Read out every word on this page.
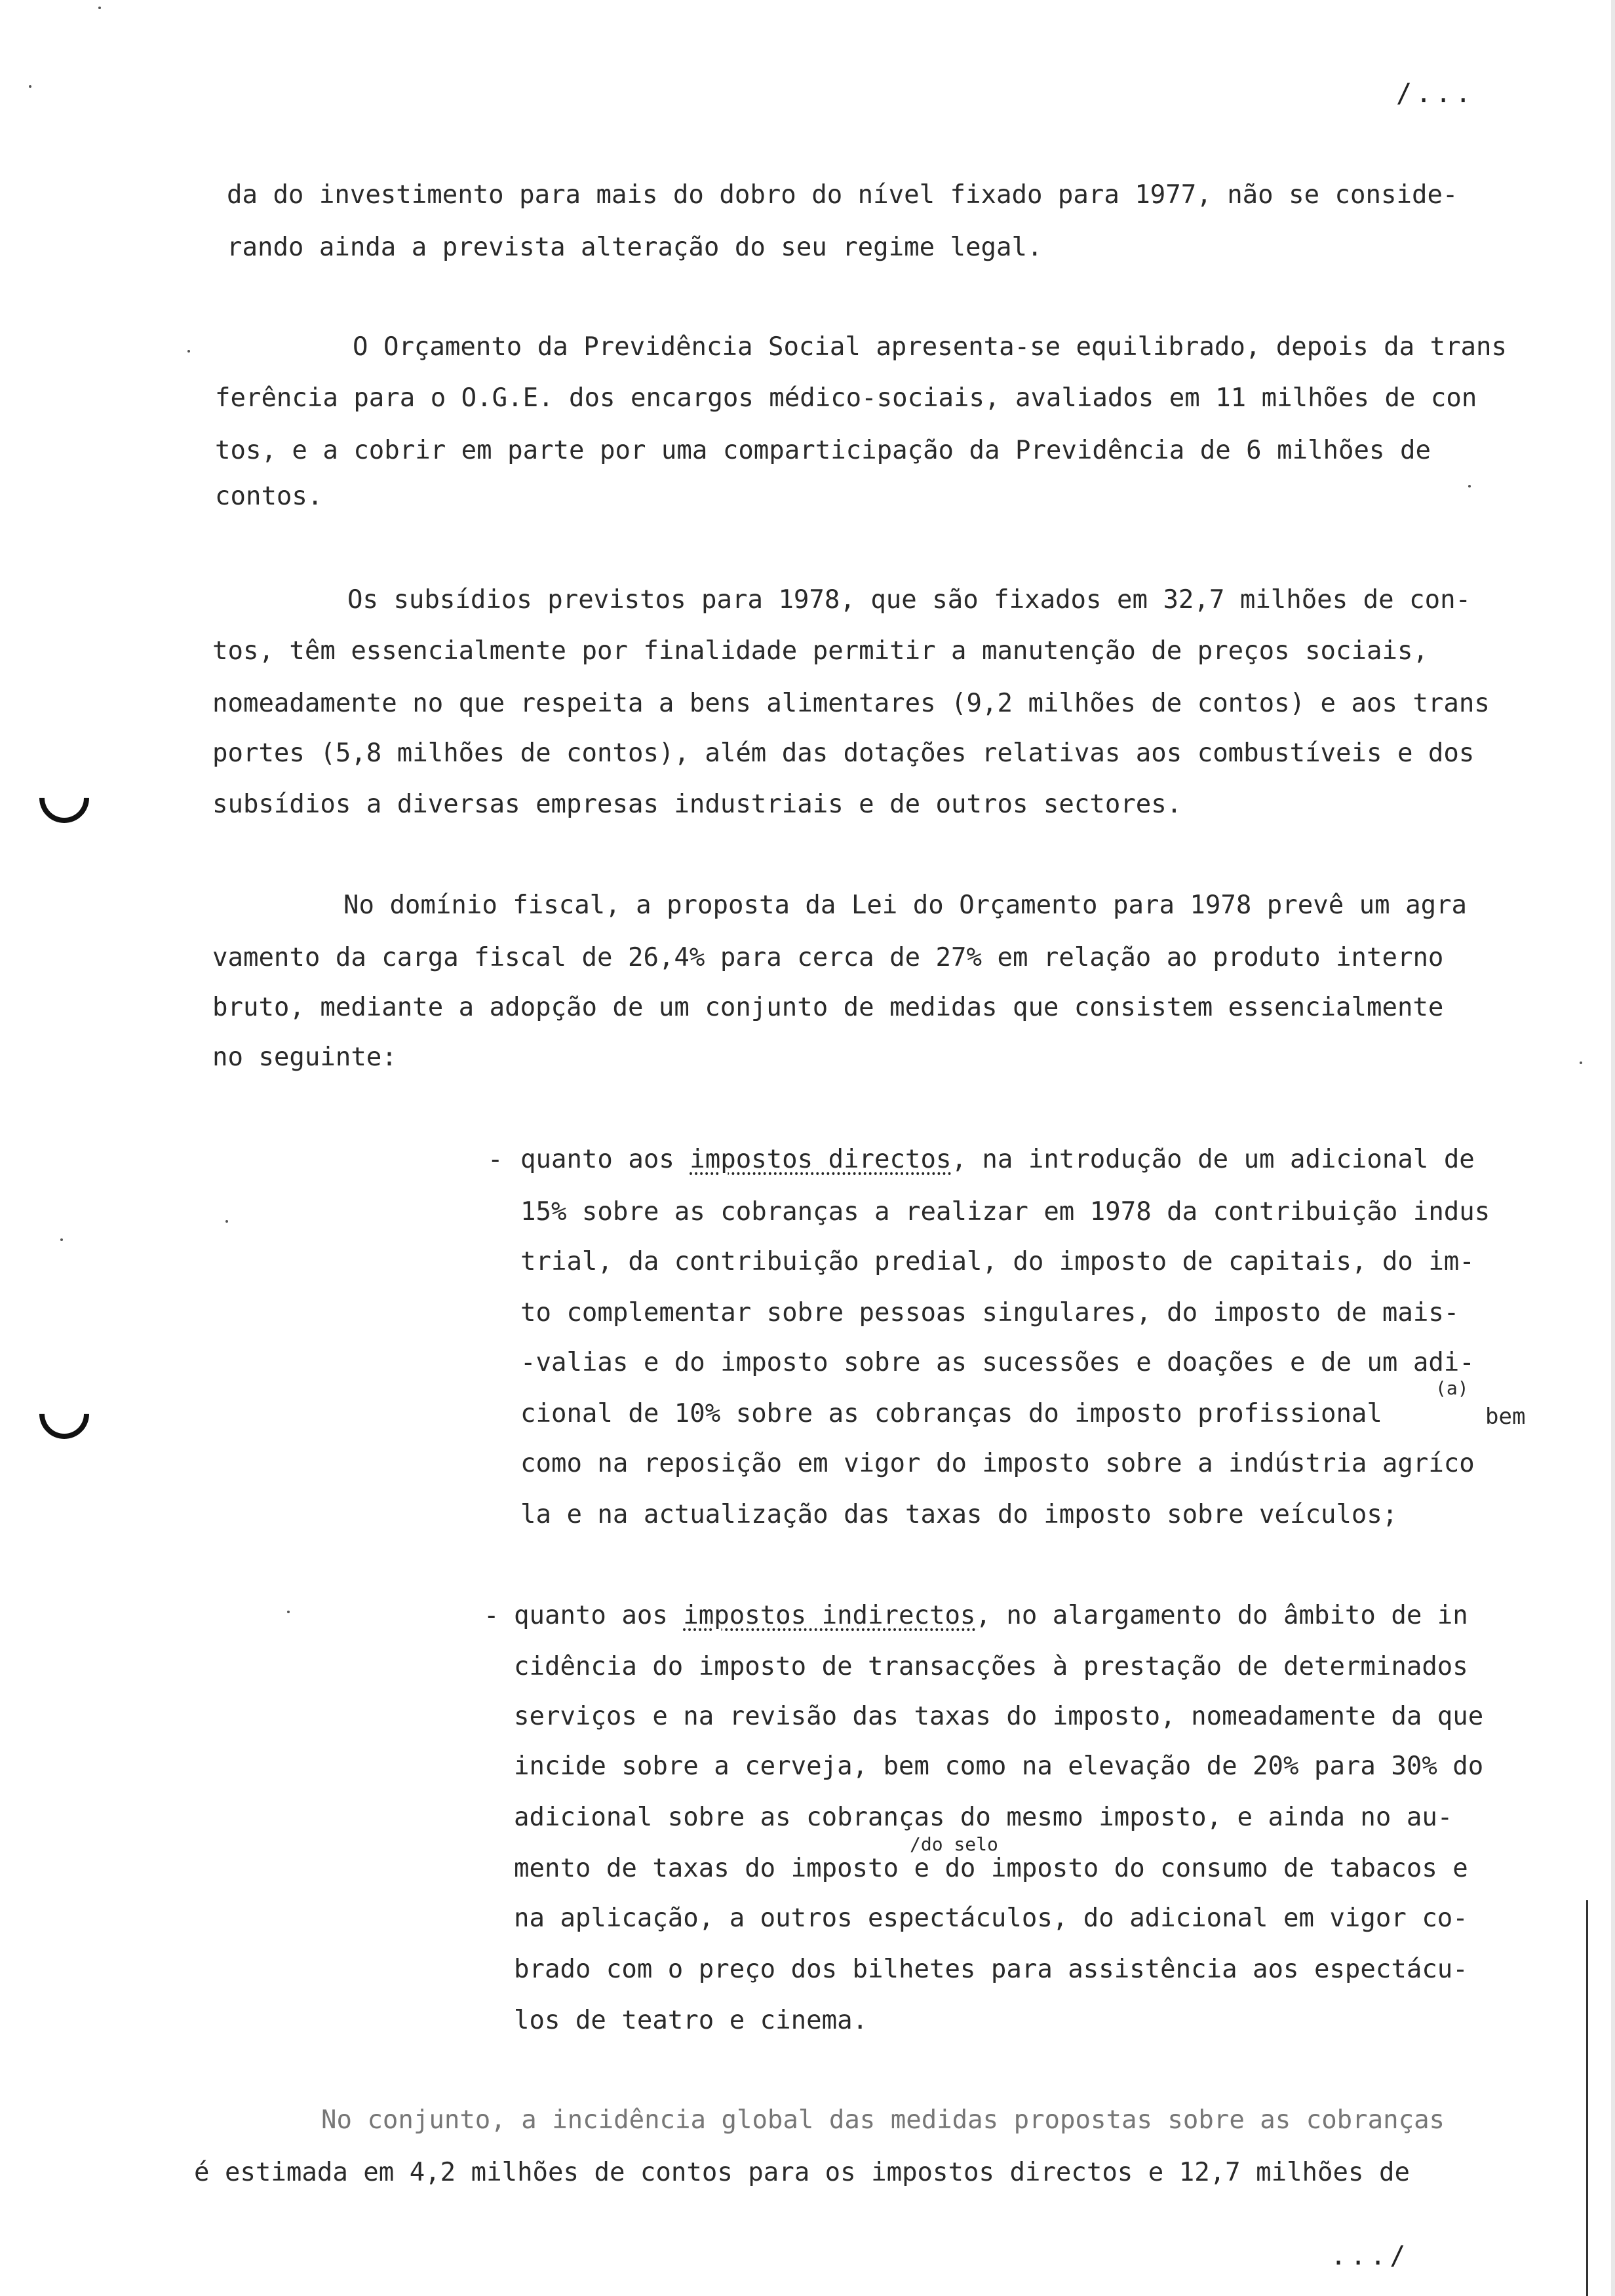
/...
da do investimento para mais do dobro do nível fixado para 1977, não se conside-
rando ainda a prevista alteração do seu regime legal.
O Orçamento da Previdência Social apresenta-se equilibrado, depois da trans
ferência para o O.G.E. dos encargos médico-sociais, avaliados em 11 milhões de con
tos, e a cobrir em parte por uma comparticipação da Previdência de 6 milhões de
contos.
Os subsídios previstos para 1978, que são fixados em 32,7 milhões de con-
tos, têm essencialmente por finalidade permitir a manutenção de preços sociais,
nomeadamente no que respeita a bens alimentares (9,2 milhões de contos) e aos trans
portes (5,8 milhões de contos), além das dotações relativas aos combustíveis e dos
subsídios a diversas empresas industriais e de outros sectores.
No domínio fiscal, a proposta da Lei do Orçamento para 1978 prevê um agra
vamento da carga fiscal de 26,4% para cerca de 27% em relação ao produto interno
bruto, mediante a adopção de um conjunto de medidas que consistem essencialmente
no seguinte:
- quanto aos impostos directos, na introdução de um adicional de
15% sobre as cobranças a realizar em 1978 da contribuição indus
trial, da contribuição predial, do imposto de capitais, do im-
to complementar sobre pessoas singulares, do imposto de mais-
-valias e do imposto sobre as sucessões e doações e de um adi-
cional de 10% sobre as cobranças do imposto profissional
(a)
bem
como na reposição em vigor do imposto sobre a indústria agríco
la e na actualização das taxas do imposto sobre veículos;
- quanto aos impostos indirectos, no alargamento do âmbito de in
cidência do imposto de transacções à prestação de determinados
serviços e na revisão das taxas do imposto, nomeadamente da que
incide sobre a cerveja, bem como na elevação de 20% para 30% do
adicional sobre as cobranças do mesmo imposto, e ainda no au-
/do selo
mento de taxas do imposto e do imposto do consumo de tabacos e
na aplicação, a outros espectáculos, do adicional em vigor co-
brado com o preço dos bilhetes para assistência aos espectácu-
los de teatro e cinema.
No conjunto, a incidência global das medidas propostas sobre as cobranças
é estimada em 4,2 milhões de contos para os impostos directos e 12,7 milhões de
.../
